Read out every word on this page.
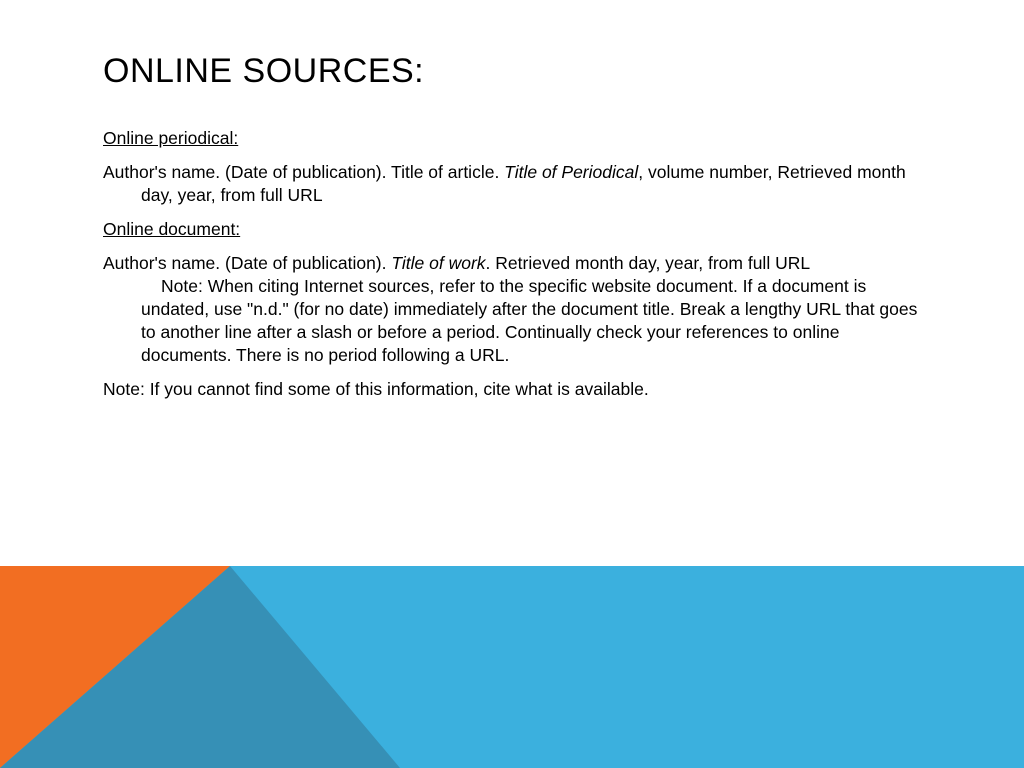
ONLINE SOURCES:

Online periodical:

Author's name. (Date of publication). Title of article. Title of Periodical, volume number, Retrieved month day, year, from full URL

Online document:

Author's name. (Date of publication). Title of work. Retrieved month day, year, from full URL
Note: When citing Internet sources, refer to the specific website document. If a document is undated, use "n.d." (for no date) immediately after the document title. Break a lengthy URL that goes to another line after a slash or before a period. Continually check your references to online documents. There is no period following a URL.

Note: If you cannot find some of this information, cite what is available.
